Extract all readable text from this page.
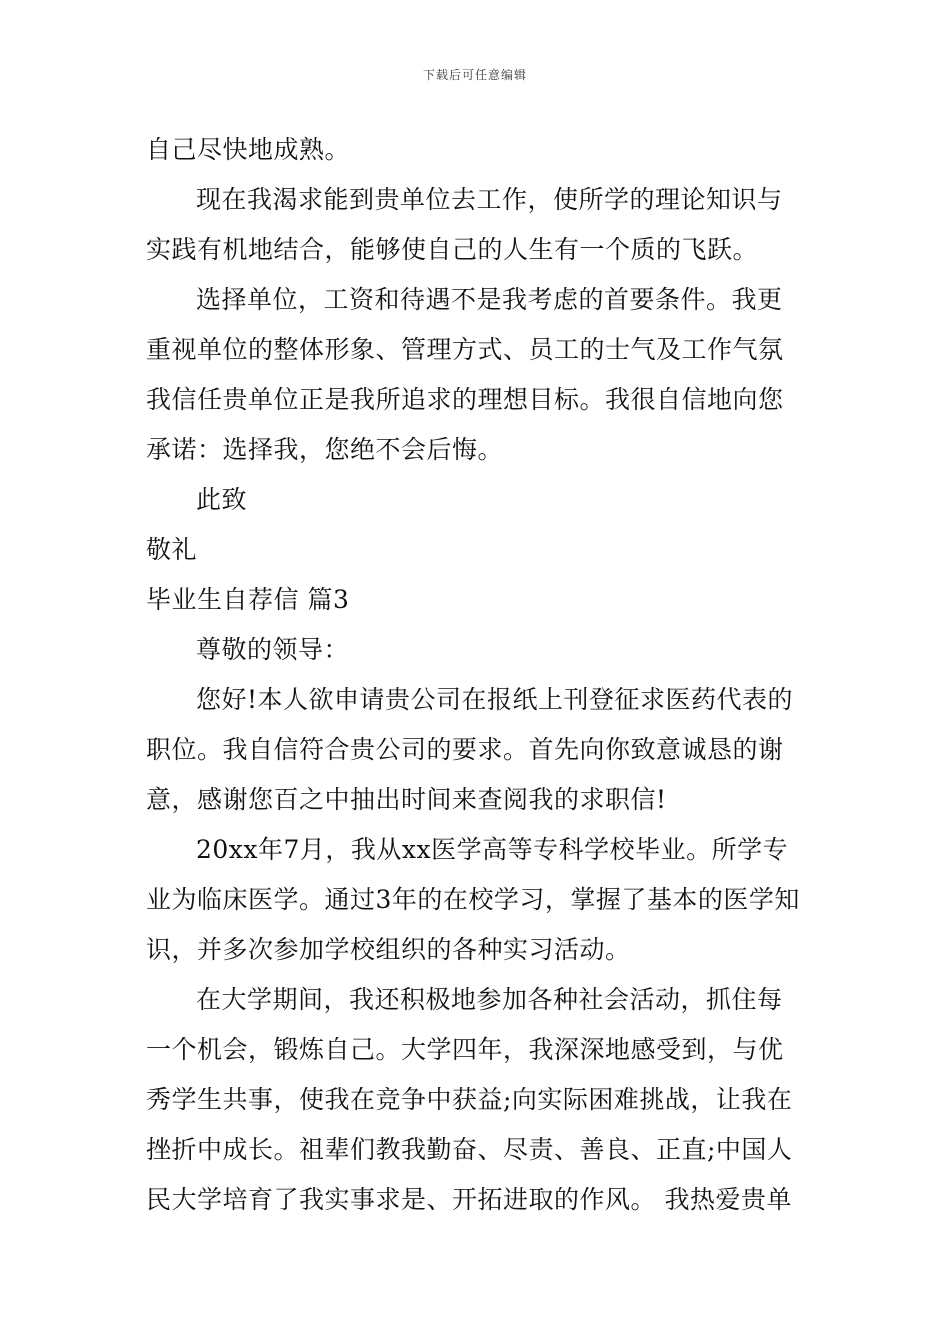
下载后可任意编辑
自己尽快地成熟。
现在我渴求能到贵单位去工作，使所学的理论知识与
实践有机地结合，能够使自己的人生有一个质的飞跃。
选择单位，工资和待遇不是我考虑的首要条件。我更
重视单位的整体形象、管理方式、员工的士气及工作气氛
我信任贵单位正是我所追求的理想目标。我很自信地向您
承诺：选择我，您绝不会后悔。
此致
敬礼
毕业生自荐信 篇3
尊敬的领导：
您好!本人欲申请贵公司在报纸上刊登征求医药代表的
职位。我自信符合贵公司的要求。首先向你致意诚恳的谢
意，感谢您百之中抽出时间来查阅我的求职信!
20xx年7月，我从xx医学高等专科学校毕业。所学专
业为临床医学。通过3年的在校学习，掌握了基本的医学知
识，并多次参加学校组织的各种实习活动。
在大学期间，我还积极地参加各种社会活动，抓住每
一个机会，锻炼自己。大学四年，我深深地感受到，与优
秀学生共事，使我在竞争中获益;向实际困难挑战，让我在
挫折中成长。祖辈们教我勤奋、尽责、善良、正直;中国人
民大学培育了我实事求是、开拓进取的作风。 我热爱贵单
